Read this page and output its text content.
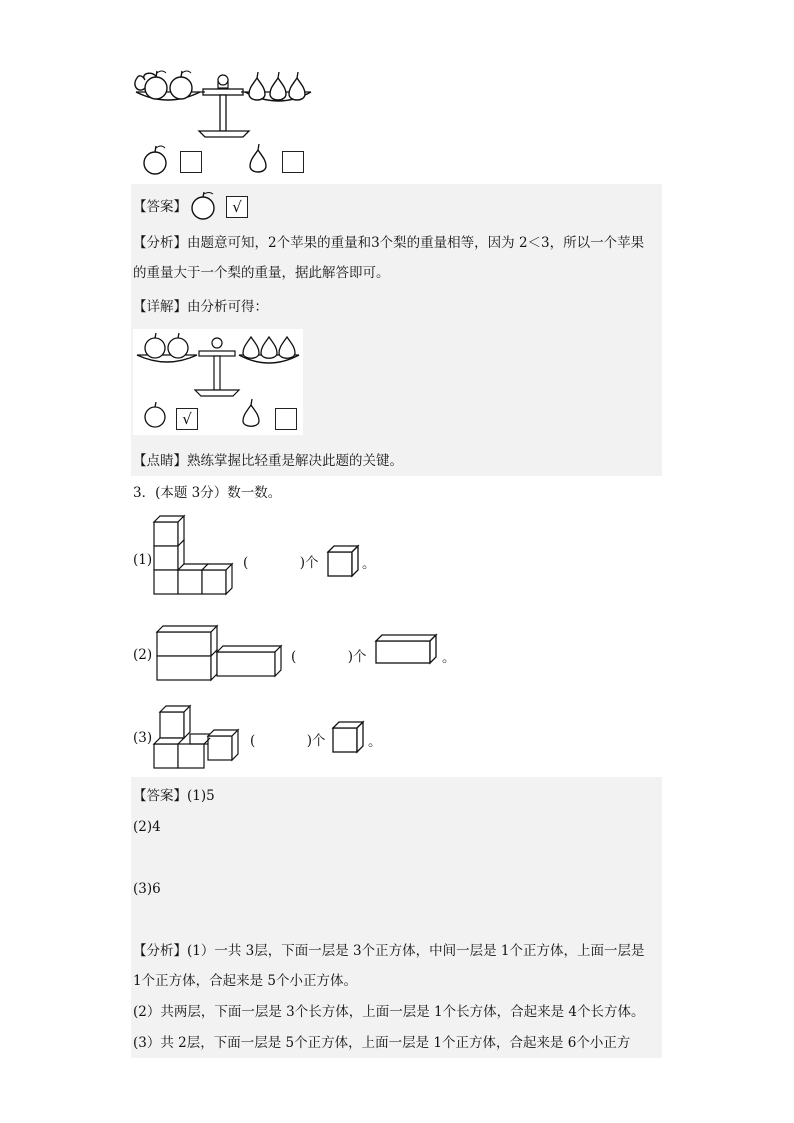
【答案】	√
【分析】由题意可知，2个苹果的重量和3个梨的重量相等，因为 2＜3，所以一个苹果
的重量大于一个梨的重量，据此解答即可。
【详解】由分析可得：
√
【点睛】熟练掌握比轻重是解决此题的关键。
3．(本题 3分）数一数。
(1)	(            )个	。
(2)	(            )个	。
(3)	(            )个	。
【答案】(1)5
(2)4
(3)6
【分析】(1）一共 3层，下面一层是 3个正方体，中间一层是 1个正方体，上面一层是
1个正方体，合起来是 5个小正方体。
(2）共两层，下面一层是 3个长方体，上面一层是 1个长方体，合起来是 4个长方体。
(3）共 2层，下面一层是 5个正方体，上面一层是 1个正方体，合起来是 6个小正方
